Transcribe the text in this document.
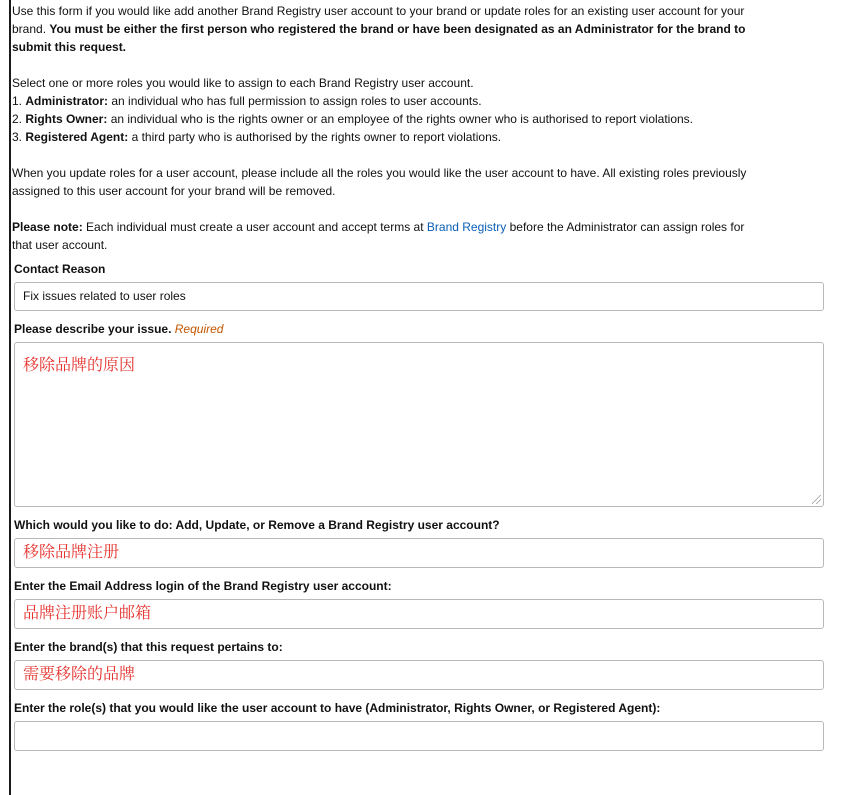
Use this form if you would like add another Brand Registry user account to your brand or update roles for an existing user account for your
brand. You must be either the first person who registered the brand or have been designated as an Administrator for the brand to
submit this request.
Select one or more roles you would like to assign to each Brand Registry user account.
1. Administrator: an individual who has full permission to assign roles to user accounts.
2. Rights Owner: an individual who is the rights owner or an employee of the rights owner who is authorised to report violations.
3. Registered Agent: a third party who is authorised by the rights owner to report violations.
When you update roles for a user account, please include all the roles you would like the user account to have. All existing roles previously
assigned to this user account for your brand will be removed.
Please note: Each individual must create a user account and accept terms at Brand Registry before the Administrator can assign roles for
that user account.
Contact Reason
Fix issues related to user roles
Please describe your issue. Required
移除品牌的原因
Which would you like to do: Add, Update, or Remove a Brand Registry user account?
移除品牌注册
Enter the Email Address login of the Brand Registry user account:
品牌注册账户邮箱
Enter the brand(s) that this request pertains to:
需要移除的品牌
Enter the role(s) that you would like the user account to have (Administrator, Rights Owner, or Registered Agent):
